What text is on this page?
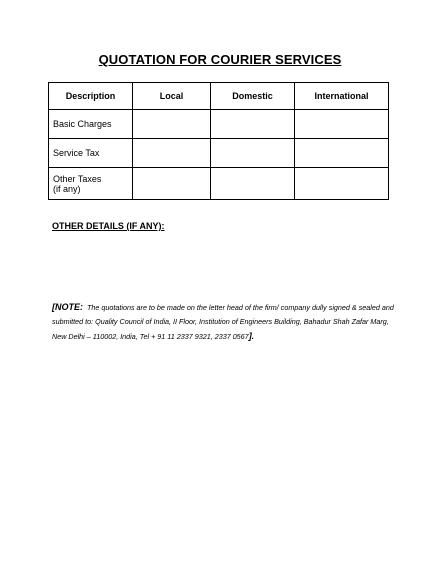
QUOTATION FOR COURIER SERVICES
Description	Local	Domestic	International
Basic Charges			
Service Tax			
Other Taxes
(if any)			
OTHER DETAILS (IF ANY):
[NOTE: The quotations are to be made on the letter head of the firm/ company dully signed & sealed and submitted to: Quality Council of India, II Floor, Institution of Engineers Building, Bahadur Shah Zafar Marg, New Delhi – 110002, India, Tel + 91 11 2337 9321, 2337 0567].
